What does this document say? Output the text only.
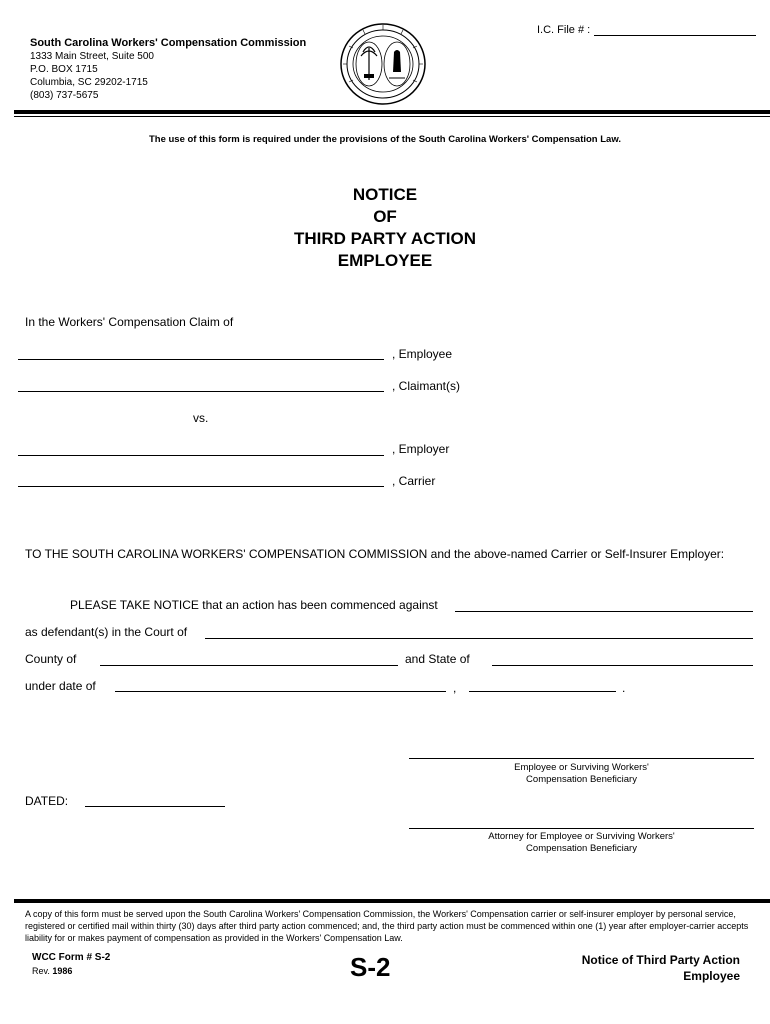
I.C. File # :
South Carolina Workers' Compensation Commission
1333 Main Street, Suite 500
P.O. BOX 1715
Columbia, SC 29202-1715
(803) 737-5675
The use of this form is required under the provisions of the South Carolina Workers' Compensation Law.
NOTICE
OF
THIRD PARTY ACTION
EMPLOYEE
In the Workers' Compensation Claim of
, Employee
, Claimant(s)
vs.
, Employer
, Carrier
TO THE SOUTH CAROLINA WORKERS' COMPENSATION COMMISSION and the above-named Carrier or Self-Insurer Employer:
PLEASE TAKE NOTICE that an action has been commenced against
as defendant(s) in the Court of
County of	and State of
under date of	,	.
Employee or Surviving Workers'
Compensation Beneficiary
DATED:
Attorney for Employee or Surviving Workers'
Compensation Beneficiary
A copy of this form must be served upon the South Carolina Workers' Compensation Commission, the Workers' Compensation carrier or self-insurer employer by personal service, registered or certified mail within thirty (30) days after third party action commenced; and, the third party action must be commenced within one (1) year after employer-carrier accepts liability for or makes payment of compensation as provided in the Workers' Compensation Law.
WCC Form # S-2
Rev. 1986	S-2	Notice of Third Party Action
Employee
